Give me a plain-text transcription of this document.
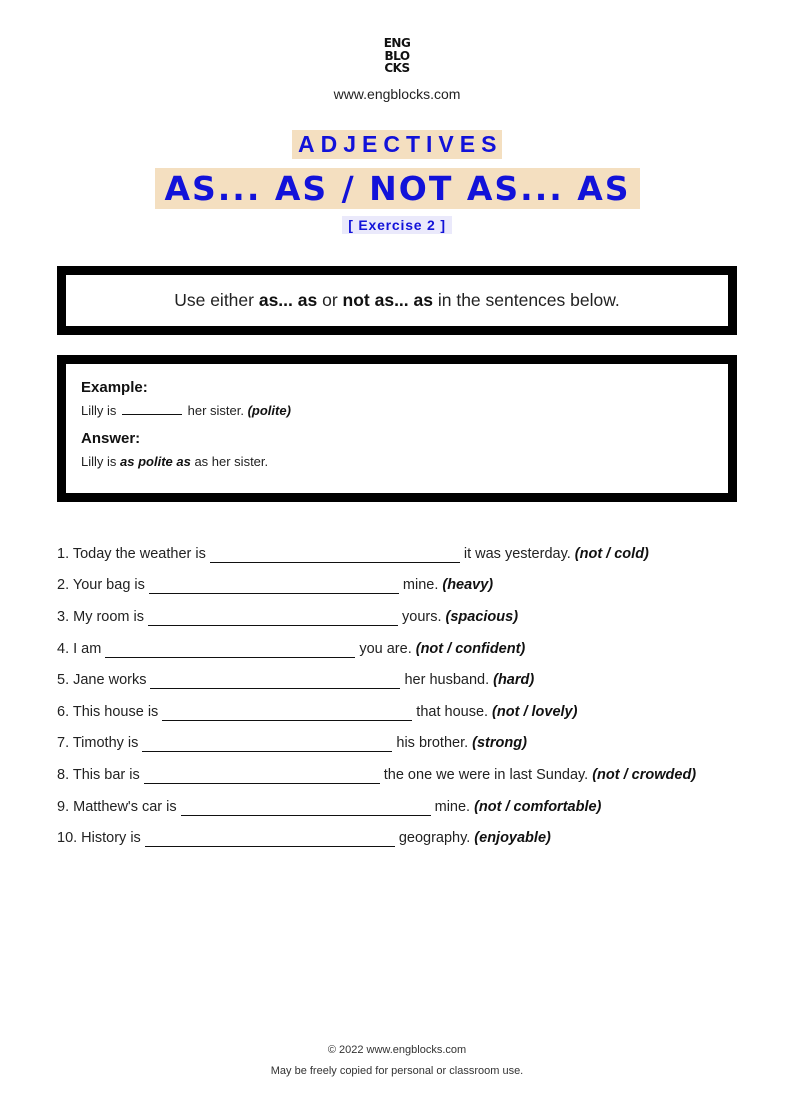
ENG
BLO
CKS
www.engblocks.com
ADJECTIVES
AS... AS / NOT AS... AS
[ Exercise 2 ]
Use either as... as or not as... as in the sentences below.
Example:
Lilly is	her sister. (polite)
Answer:
Lilly is as polite as as her sister.
1. Today the weather is	it was yesterday. (not / cold)
2. Your bag is	mine. (heavy)
3. My room is	yours. (spacious)
4. I am	you are. (not / confident)
5. Jane works	her husband. (hard)
6. This house is	that house. (not / lovely)
7. Timothy is	his brother. (strong)
8. This bar is	the one we were in last Sunday. (not / crowded)
9. Matthew's car is	mine. (not / comfortable)
10. History is	geography. (enjoyable)
© 2022 www.engblocks.com
May be freely copied for personal or classroom use.
